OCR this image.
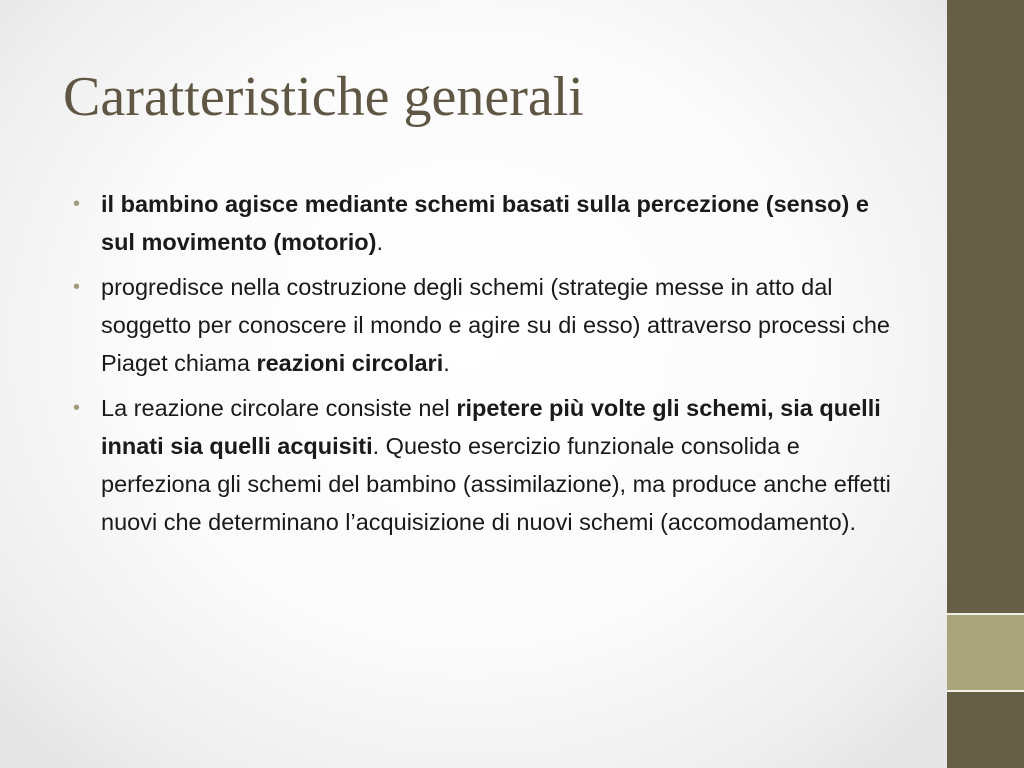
Caratteristiche generali
• il bambino agisce mediante schemi basati sulla percezione (senso) e sul movimento (motorio).
• progredisce nella costruzione degli schemi (strategie messe in atto dal soggetto per conoscere il mondo e agire su di esso) attraverso processi che Piaget chiama reazioni circolari.
• La reazione circolare consiste nel ripetere più volte gli schemi, sia quelli innati sia quelli acquisiti. Questo esercizio funzionale consolida e perfeziona gli schemi del bambino (assimilazione), ma produce anche effetti nuovi che determinano l’acquisizione di nuovi schemi (accomodamento).
